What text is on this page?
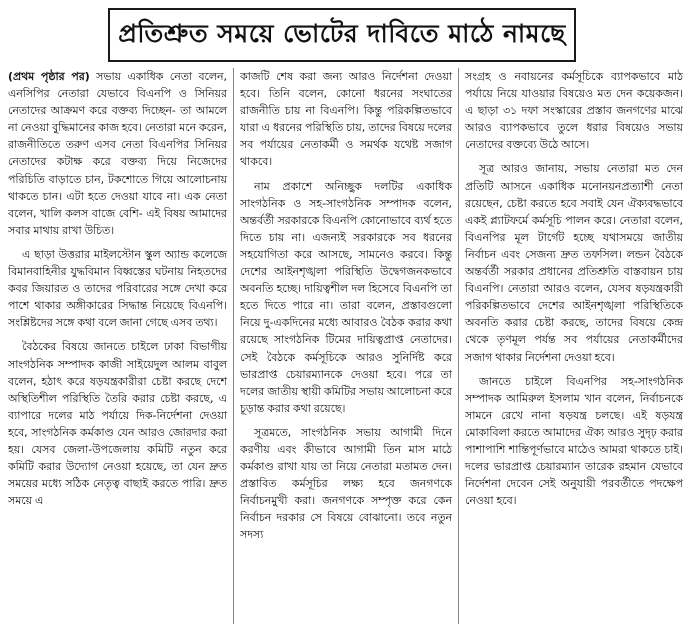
প্রতিশ্রুত সময়ে ভোটের দাবিতে মাঠে নামছে

(প্রথম পৃষ্ঠার পর) সভায় একাধিক নেতা বলেন, এনসিপির নেতারা যেভাবে বিএনপি ও সিনিয়র নেতাদের আক্রমণ করে বক্তব্য দিচ্ছেন- তা আমলে না নেওয়া বুদ্ধিমানের কাজ হবে। নেতারা মনে করেন, রাজনীতিতে তরুণ এসব নেতা বিএনপির সিনিয়র নেতাদের কটাক্ষ করে বক্তব্য দিয়ে নিজেদের পরিচিতি বাড়াতে চান, টকশোতে গিয়ে আলোচনায় থাকতে চান। এটা হতে দেওয়া যাবে না। এক নেতা বলেন, খালি কলস বাজে বেশি- এই বিষয় আমাদের সবার মাথায় রাখা উচিত।

এ ছাড়া উত্তরার মাইলস্টোন স্কুল অ্যান্ড কলেজে বিমানবাহিনীর যুদ্ধবিমান বিধ্বস্তের ঘটনায় নিহতদের কবর জিয়ারত ও তাদের পরিবারের সঙ্গে দেখা করে পাশে থাকার অঙ্গীকারের সিদ্ধান্ত নিয়েছে বিএনপি। সংশ্লিষ্টদের সঙ্গে কথা বলে জানা গেছে এসব তথ্য।

বৈঠকের বিষয়ে জানতে চাইলে ঢাকা বিভাগীয় সাংগঠনিক সম্পাদক কাজী সাইয়েদুল আলম বাবুল বলেন, হঠাৎ করে ষড়যন্ত্রকারীরা চেষ্টা করছে দেশে অস্থিতিশীল পরিস্থিতি তৈরি করার চেষ্টা করছে, এ ব্যাপারে দলের মাঠ পর্যায়ে দিক-নির্দেশনা দেওয়া হবে, সাংগঠনিক কর্মকাণ্ড যেন আরও জোরদার করা হয়। যেসব জেলা-উপজেলায় কমিটি নতুন করে কমিটি করার উদ্যোগ নেওয়া হয়েছে, তা যেন দ্রুত সময়ের মধ্যে সঠিক নেতৃত্ব বাছাই করতে পারি। দ্রুত সময়ে এ

কাজটি শেষ করা জন্য আরও নির্দেশনা দেওয়া হবে। তিনি বলেন, কোনো ধরনের সংঘাতের রাজনীতি চায় না বিএনপি। কিন্তু পরিকল্পিতভাবে যারা এ ধরনের পরিস্থিতি চায়, তাদের বিষয়ে দলের সব পর্যায়ের নেতাকর্মী ও সমর্থক যথেষ্ট সজাগ থাকবে।

নাম প্রকাশে অনিচ্ছুক দলটির একাধিক সাংগঠনিক ও সহ-সাংগঠনিক সম্পাদক বলেন, অন্তর্বর্তী সরকারকে বিএনপি কোনোভাবে ব্যর্থ হতে দিতে চায় না। এজন্যই সরকারকে সব ধরনের সহযোগিতা করে আসছে, সামনেও করবে। কিন্তু দেশের আইনশৃঙ্খলা পরিস্থিতি উদ্বেগজনকভাবে অবনতি হচ্ছে। দায়িত্বশীল দল হিসেবে বিএনপি তা হতে দিতে পারে না। তারা বলেন, প্রস্তাবগুলো নিয়ে দু-একদিনের মধ্যে আবারও বৈঠক করার কথা রয়েছে সাংগঠনিক টিমের দায়িত্বপ্রাপ্ত নেতাদের। সেই বৈঠকে কর্মসূচিকে আরও সুনির্দিষ্ট করে ভারপ্রাপ্ত চেয়ারম্যানকে দেওয়া হবে। পরে তা দলের জাতীয় স্থায়ী কমিটির সভায় আলোচনা করে চূড়ান্ত করার কথা রয়েছে।

সূত্রমতে, সাংগঠনিক সভায় আগামী দিনে করণীয় এবং কীভাবে আগামী তিন মাস মাঠে কর্মকাণ্ড রাখা যায় তা নিয়ে নেতারা মতামত দেন। প্রস্তাবিত কর্মসূচির লক্ষ্য হবে জনগণকে নির্বাচনমুখী করা। জনগণকে সম্পৃক্ত করে কেন নির্বাচন দরকার সে বিষয়ে বোঝানো। তবে নতুন সদস্য

সংগ্রহ ও নবায়নের কর্মসূচিকে ব্যাপকভাবে মাঠ পর্যায়ে নিয়ে যাওয়ার বিষয়েও মত দেন কয়েকজন। এ ছাড়া ৩১ দফা সংস্কারের প্রস্তাব জনগণের মাঝে আরও ব্যাপকভাবে তুলে ধরার বিষয়েও সভায় নেতাদের বক্তব্যে উঠে আসে।

সূত্র আরও জানায়, সভায় নেতারা মত দেন প্রতিটি আসনে একাধিক মনোনয়নপ্রত্যাশী নেতা রয়েছেন, চেষ্টা করতে হবে সবাই যেন ঐক্যবদ্ধভাবে একই প্ল্যাটফর্মে কর্মসূচি পালন করে। নেতারা বলেন, বিএনপির মূল টার্গেট হচ্ছে যথাসময়ে জাতীয় নির্বাচন এবং সেজন্য দ্রুত তফসিল। লন্ডন বৈঠকে অন্তর্বর্তী সরকার প্রধানের প্রতিশ্রুতি বাস্তবায়ন চায় বিএনপি। নেতারা আরও বলেন, যেসব ষড়যন্ত্রকারী পরিকল্পিতভাবে দেশের আইনশৃঙ্খলা পরিস্থিতিকে অবনতি করার চেষ্টা করছে, তাদের বিষয়ে কেন্দ্র থেকে তৃণমূল পর্যন্ত সব পর্যায়ের নেতাকর্মীদের সজাগ থাকার নির্দেশনা দেওয়া হবে।

জানতে চাইলে বিএনপির সহ-সাংগঠনিক সম্পাদক আমিরুল ইসলাম খান বলেন, নির্বাচনকে সামনে রেখে নানা ষড়যন্ত্র চলছে। এই ষড়যন্ত্র মোকাবিলা করতে আমাদের ঐক্য আরও সুদৃঢ় করার পাশাপাশি শান্তিপূর্ণভাবে মাঠেও আমরা থাকতে চাই। দলের ভারপ্রাপ্ত চেয়ারম্যান তারেক রহমান যেভাবে নির্দেশনা দেবেন সেই অনুযায়ী পরবর্তীতে পদক্ষেপ নেওয়া হবে।
